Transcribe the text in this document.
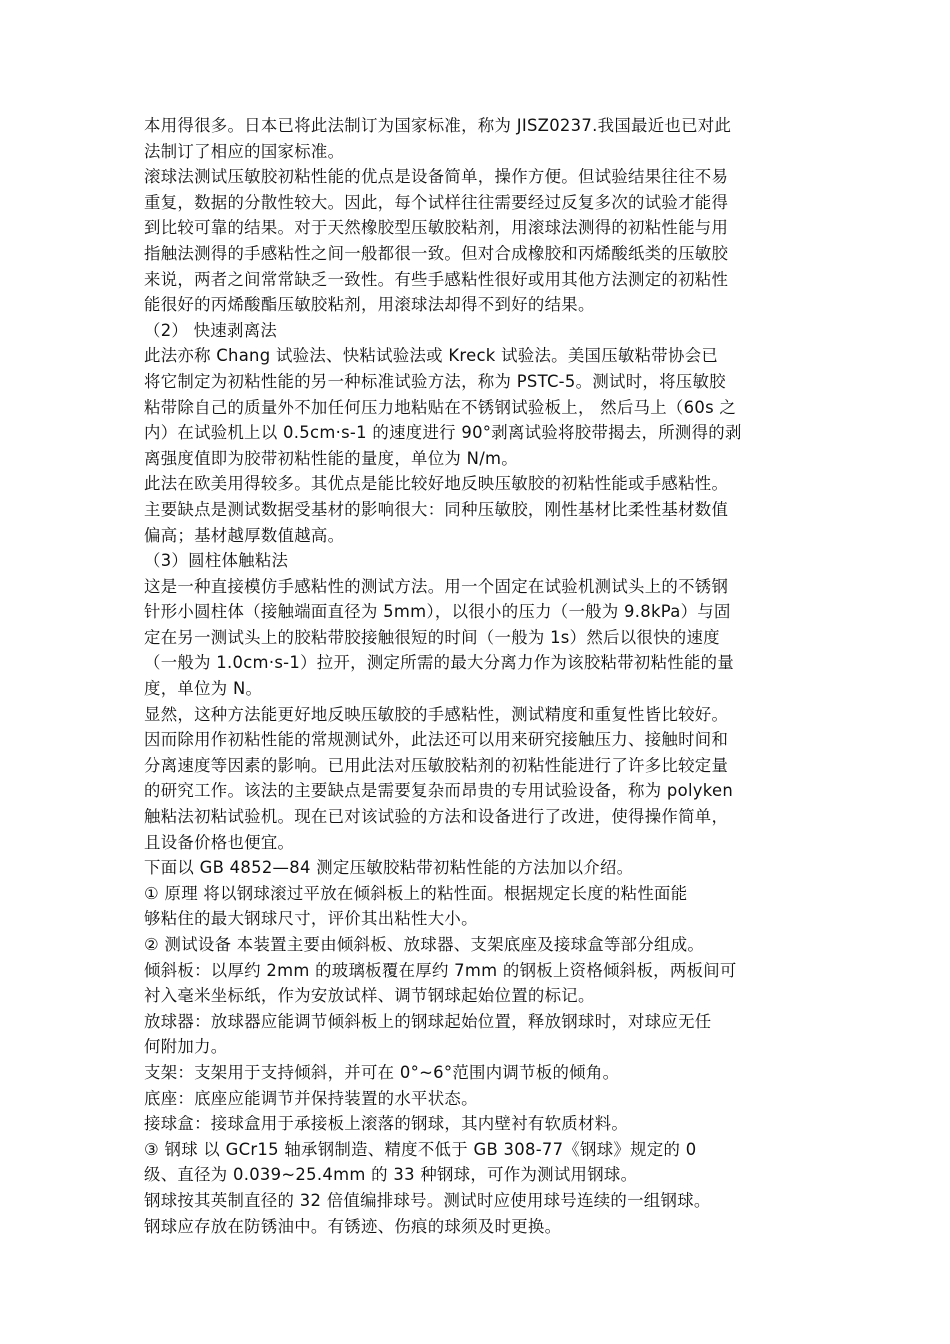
本用得很多。日本已将此法制订为国家标准，称为 JISZ0237.我国最近也已对此
法制订了相应的国家标准。
滚球法测试压敏胶初粘性能的优点是设备简单，操作方便。但试验结果往往不易
重复，数据的分散性较大。因此，每个试样往往需要经过反复多次的试验才能得
到比较可靠的结果。对于天然橡胶型压敏胶粘剂，用滚球法测得的初粘性能与用
指触法测得的手感粘性之间一般都很一致。但对合成橡胶和丙烯酸纸类的压敏胶
来说，两者之间常常缺乏一致性。有些手感粘性很好或用其他方法测定的初粘性
能很好的丙烯酸酯压敏胶粘剂，用滚球法却得不到好的结果。
（2） 快速剥离法
此法亦称 Chang 试验法、快粘试验法或 Kreck 试验法。美国压敏粘带协会已
将它制定为初粘性能的另一种标准试验方法，称为 PSTC-5。测试时，将压敏胶
粘带除自己的质量外不加任何压力地粘贴在不锈钢试验板上， 然后马上（60s 之
内）在试验机上以 0.5cm·s-1 的速度进行 90°剥离试验将胶带揭去，所测得的剥
离强度值即为胶带初粘性能的量度，单位为 N/m。
此法在欧美用得较多。其优点是能比较好地反映压敏胶的初粘性能或手感粘性。
主要缺点是测试数据受基材的影响很大：同种压敏胶，刚性基材比柔性基材数值
偏高；基材越厚数值越高。
（3）圆柱体触粘法
这是一种直接模仿手感粘性的测试方法。用一个固定在试验机测试头上的不锈钢
针形小圆柱体（接触端面直径为 5mm），以很小的压力（一般为 9.8kPa）与固
定在另一测试头上的胶粘带胶接触很短的时间（一般为 1s）然后以很快的速度
（一般为 1.0cm·s-1）拉开，测定所需的最大分离力作为该胶粘带初粘性能的量
度，单位为 N。
显然，这种方法能更好地反映压敏胶的手感粘性，测试精度和重复性皆比较好。
因而除用作初粘性能的常规测试外，此法还可以用来研究接触压力、接触时间和
分离速度等因素的影响。已用此法对压敏胶粘剂的初粘性能进行了许多比较定量
的研究工作。该法的主要缺点是需要复杂而昂贵的专用试验设备，称为 polyken
触粘法初粘试验机。现在已对该试验的方法和设备进行了改进，使得操作简单，
且设备价格也便宜。
下面以 GB 4852—84 测定压敏胶粘带初粘性能的方法加以介绍。
① 原理 将以钢球滚过平放在倾斜板上的粘性面。根据规定长度的粘性面能
够粘住的最大钢球尺寸，评价其出粘性大小。
② 测试设备 本装置主要由倾斜板、放球器、支架底座及接球盒等部分组成。
倾斜板：以厚约 2mm 的玻璃板覆在厚约 7mm 的钢板上资格倾斜板，两板间可
衬入毫米坐标纸，作为安放试样、调节钢球起始位置的标记。
放球器：放球器应能调节倾斜板上的钢球起始位置，释放钢球时，对球应无任
何附加力。
支架：支架用于支持倾斜，并可在 0°~6°范围内调节板的倾角。
底座：底座应能调节并保持装置的水平状态。
接球盒：接球盒用于承接板上滚落的钢球，其内壁衬有软质材料。
③ 钢球 以 GCr15 轴承钢制造、精度不低于 GB 308-77《钢球》规定的 0
级、直径为 0.039~25.4mm 的 33 种钢球，可作为测试用钢球。
钢球按其英制直径的 32 倍值编排球号。测试时应使用球号连续的一组钢球。
钢球应存放在防锈油中。有锈迹、伤痕的球须及时更换。
